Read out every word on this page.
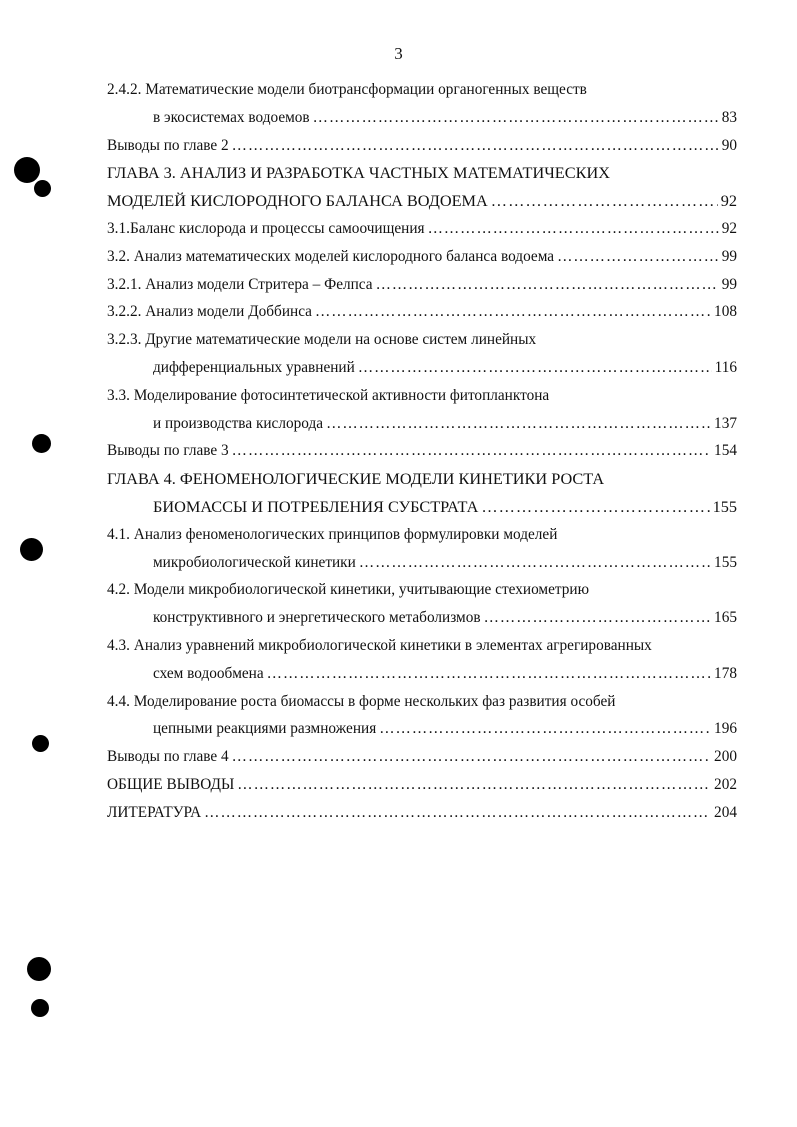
3
2.4.2. Математические модели биотрансформации органогенных веществ
в экосистемах водоемов …………………………………………………………………………………………………………………………………………………………………………	83
Выводы по главе 2 …………………………………………………………………………………………………………………………………………………………………………	90
ГЛАВА 3. АНАЛИЗ И РАЗРАБОТКА ЧАСТНЫХ МАТЕМАТИЧЕСКИХ
МОДЕЛЕЙ КИСЛОРОДНОГО БАЛАНСА ВОДОЕМА …………………………………………………………………………………………………………………………………………………………………………	92
3.1.Баланс кислорода и процессы самоочищения …………………………………………………………………………………………………………………………………………………………………………	92
3.2. Анализ математических моделей кислородного баланса водоема …………………………………………………………………………………………………………………………………………………………………………	99
3.2.1. Анализ модели Стритера – Фелпса …………………………………………………………………………………………………………………………………………………………………………	99
3.2.2. Анализ модели Доббинса …………………………………………………………………………………………………………………………………………………………………………	108
3.2.3. Другие математические модели на основе систем линейных
дифференциальных уравнений …………………………………………………………………………………………………………………………………………………………………………	116
3.3. Моделирование фотосинтетической активности фитопланктона
и производства кислорода …………………………………………………………………………………………………………………………………………………………………………	137
Выводы по главе 3 …………………………………………………………………………………………………………………………………………………………………………	154
ГЛАВА 4. ФЕНОМЕНОЛОГИЧЕСКИЕ МОДЕЛИ КИНЕТИКИ РОСТА
БИОМАССЫ И ПОТРЕБЛЕНИЯ СУБСТРАТА …………………………………………………………………………………………………………………………………………………………………………	155
4.1. Анализ феноменологических принципов формулировки моделей
микробиологической кинетики …………………………………………………………………………………………………………………………………………………………………………	155
4.2. Модели микробиологической кинетики, учитывающие стехиометрию
конструктивного и энергетического метаболизмов …………………………………………………………………………………………………………………………………………………………………………	165
4.3. Анализ уравнений микробиологической кинетики в элементах агрегированных
схем водообмена …………………………………………………………………………………………………………………………………………………………………………	178
4.4. Моделирование роста биомассы в форме нескольких фаз развития особей
цепными реакциями размножения …………………………………………………………………………………………………………………………………………………………………………	196
Выводы по главе 4 …………………………………………………………………………………………………………………………………………………………………………	200
ОБЩИЕ ВЫВОДЫ …………………………………………………………………………………………………………………………………………………………………………	202
ЛИТЕРАТУРА …………………………………………………………………………………………………………………………………………………………………………	204
